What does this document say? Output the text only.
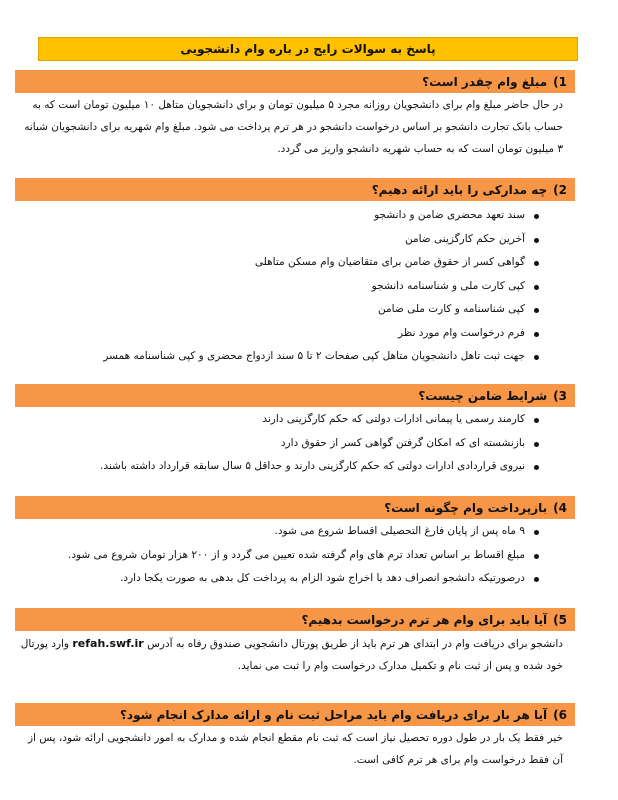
پاسخ به سوالات رایج در باره وام دانشجویی
1)
مبلغ وام چقدر است؟
در حال حاضر مبلغ وام برای دانشجویان روزانه مجرد ۵ میلیون تومان و برای دانشجویان متاهل ۱۰ میلیون تومان است که به
حساب بانک تجارت دانشجو بر اساس درخواست دانشجو در هر ترم پرداخت می شود. مبلغ وام شهریه برای دانشجویان شبانه
۳ میلیون تومان است که به حساب شهریه دانشجو واریز می گردد.
2)
چه مدارکی را باید ارائه دهیم؟
سند تعهد محضری ضامن و دانشجو
آخرین حکم کارگزینی ضامن
گواهی کسر از حقوق ضامن برای متقاضیان وام مسکن متاهلی
کپی کارت ملی و شناسنامه دانشجو
کپی شناسنامه و کارت ملی ضامن
فرم درخواست وام مورد نظر
جهت ثبت تاهل دانشجویان متاهل کپی صفحات ۲ تا ۵ سند ازدواج محضری و کپی شناسنامه همسر
3)
شرایط ضامن چیست؟
کارمند رسمی یا پیمانی ادارات دولتی که حکم کارگزینی دارند
بازنشسته ای که امکان گرفتن گواهی کسر از حقوق دارد
نیروی قراردادی ادارات دولتی که حکم کارگزینی دارند و حداقل ۵ سال سابقه قرارداد داشته باشند.
4)
بازپرداخت وام چگونه است؟
۹ ماه پس از پایان فارغ التحصیلی اقساط شروع می شود.
مبلغ اقساط بر اساس تعداد ترم های وام گرفته شده تعیین می گردد و از ۲۰۰ هزار تومان شروع می شود.
درصورتیکه دانشجو انصراف دهد یا اخراج شود الزام به پرداخت کل بدهی به صورت یکجا دارد.
5)
آیا باید برای وام هر ترم درخواست بدهیم؟
دانشجو برای دریافت وام در ابتدای هر ترم باید از طریق پورتال دانشجویی صندوق رفاه به آدرس refah.swf.ir وارد پورتال
خود شده و پس از ثبت نام و تکمیل مدارک درخواست وام را ثبت می نماید.
6)
آیا هر بار برای دریافت وام باید مراحل ثبت نام و ارائه مدارک انجام شود؟
خیر فقط یک بار در طول دوره تحصیل نیاز است که ثبت نام مقطع انجام شده و مدارک به امور دانشجویی ارائه شود، پس از
آن فقط درخواست وام برای هر ترم کافی است.
